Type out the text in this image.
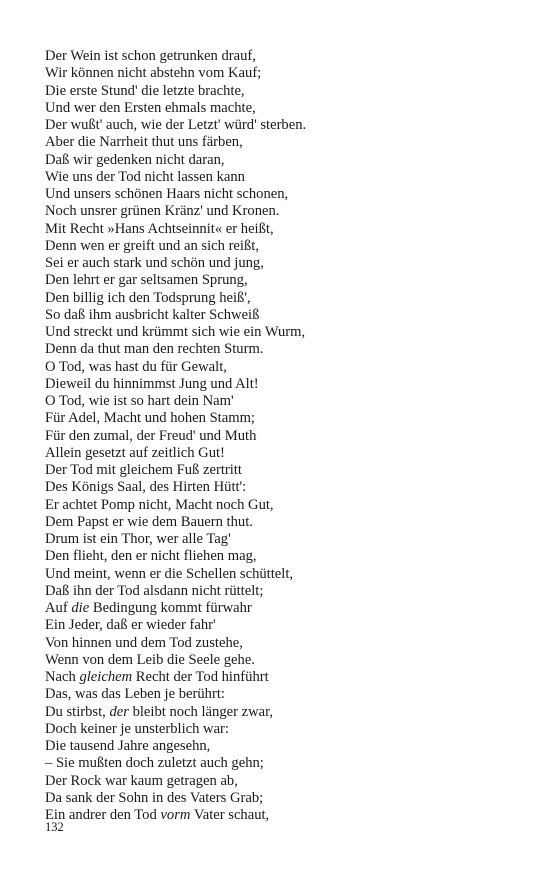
Der Wein ist schon getrunken drauf,
Wir können nicht abstehn vom Kauf;
Die erste Stund' die letzte brachte,
Und wer den Ersten ehmals machte,
Der wußt' auch, wie der Letzt' würd' sterben.
Aber die Narrheit thut uns färben,
Daß wir gedenken nicht daran,
Wie uns der Tod nicht lassen kann
Und unsers schönen Haars nicht schonen,
Noch unsrer grünen Kränz' und Kronen.
Mit Recht »Hans Achtseinnit« er heißt,
Denn wen er greift und an sich reißt,
Sei er auch stark und schön und jung,
Den lehrt er gar seltsamen Sprung,
Den billig ich den Todsprung heiß',
So daß ihm ausbricht kalter Schweiß
Und streckt und krümmt sich wie ein Wurm,
Denn da thut man den rechten Sturm.
O Tod, was hast du für Gewalt,
Dieweil du hinnimmst Jung und Alt!
O Tod, wie ist so hart dein Nam'
Für Adel, Macht und hohen Stamm;
Für den zumal, der Freud' und Muth
Allein gesetzt auf zeitlich Gut!
Der Tod mit gleichem Fuß zertritt
Des Königs Saal, des Hirten Hütt':
Er achtet Pomp nicht, Macht noch Gut,
Dem Papst er wie dem Bauern thut.
Drum ist ein Thor, wer alle Tag'
Den flieht, den er nicht fliehen mag,
Und meint, wenn er die Schellen schüttelt,
Daß ihn der Tod alsdann nicht rüttelt;
Auf die Bedingung kommt fürwahr
Ein Jeder, daß er wieder fahr'
Von hinnen und dem Tod zustehe,
Wenn von dem Leib die Seele gehe.
Nach gleichem Recht der Tod hinführt
Das, was das Leben je berührt:
Du stirbst, der bleibt noch länger zwar,
Doch keiner je unsterblich war:
Die tausend Jahre angesehn,
– Sie mußten doch zuletzt auch gehn;
Der Rock war kaum getragen ab,
Da sank der Sohn in des Vaters Grab;
Ein andrer den Tod vorm Vater schaut,
132
